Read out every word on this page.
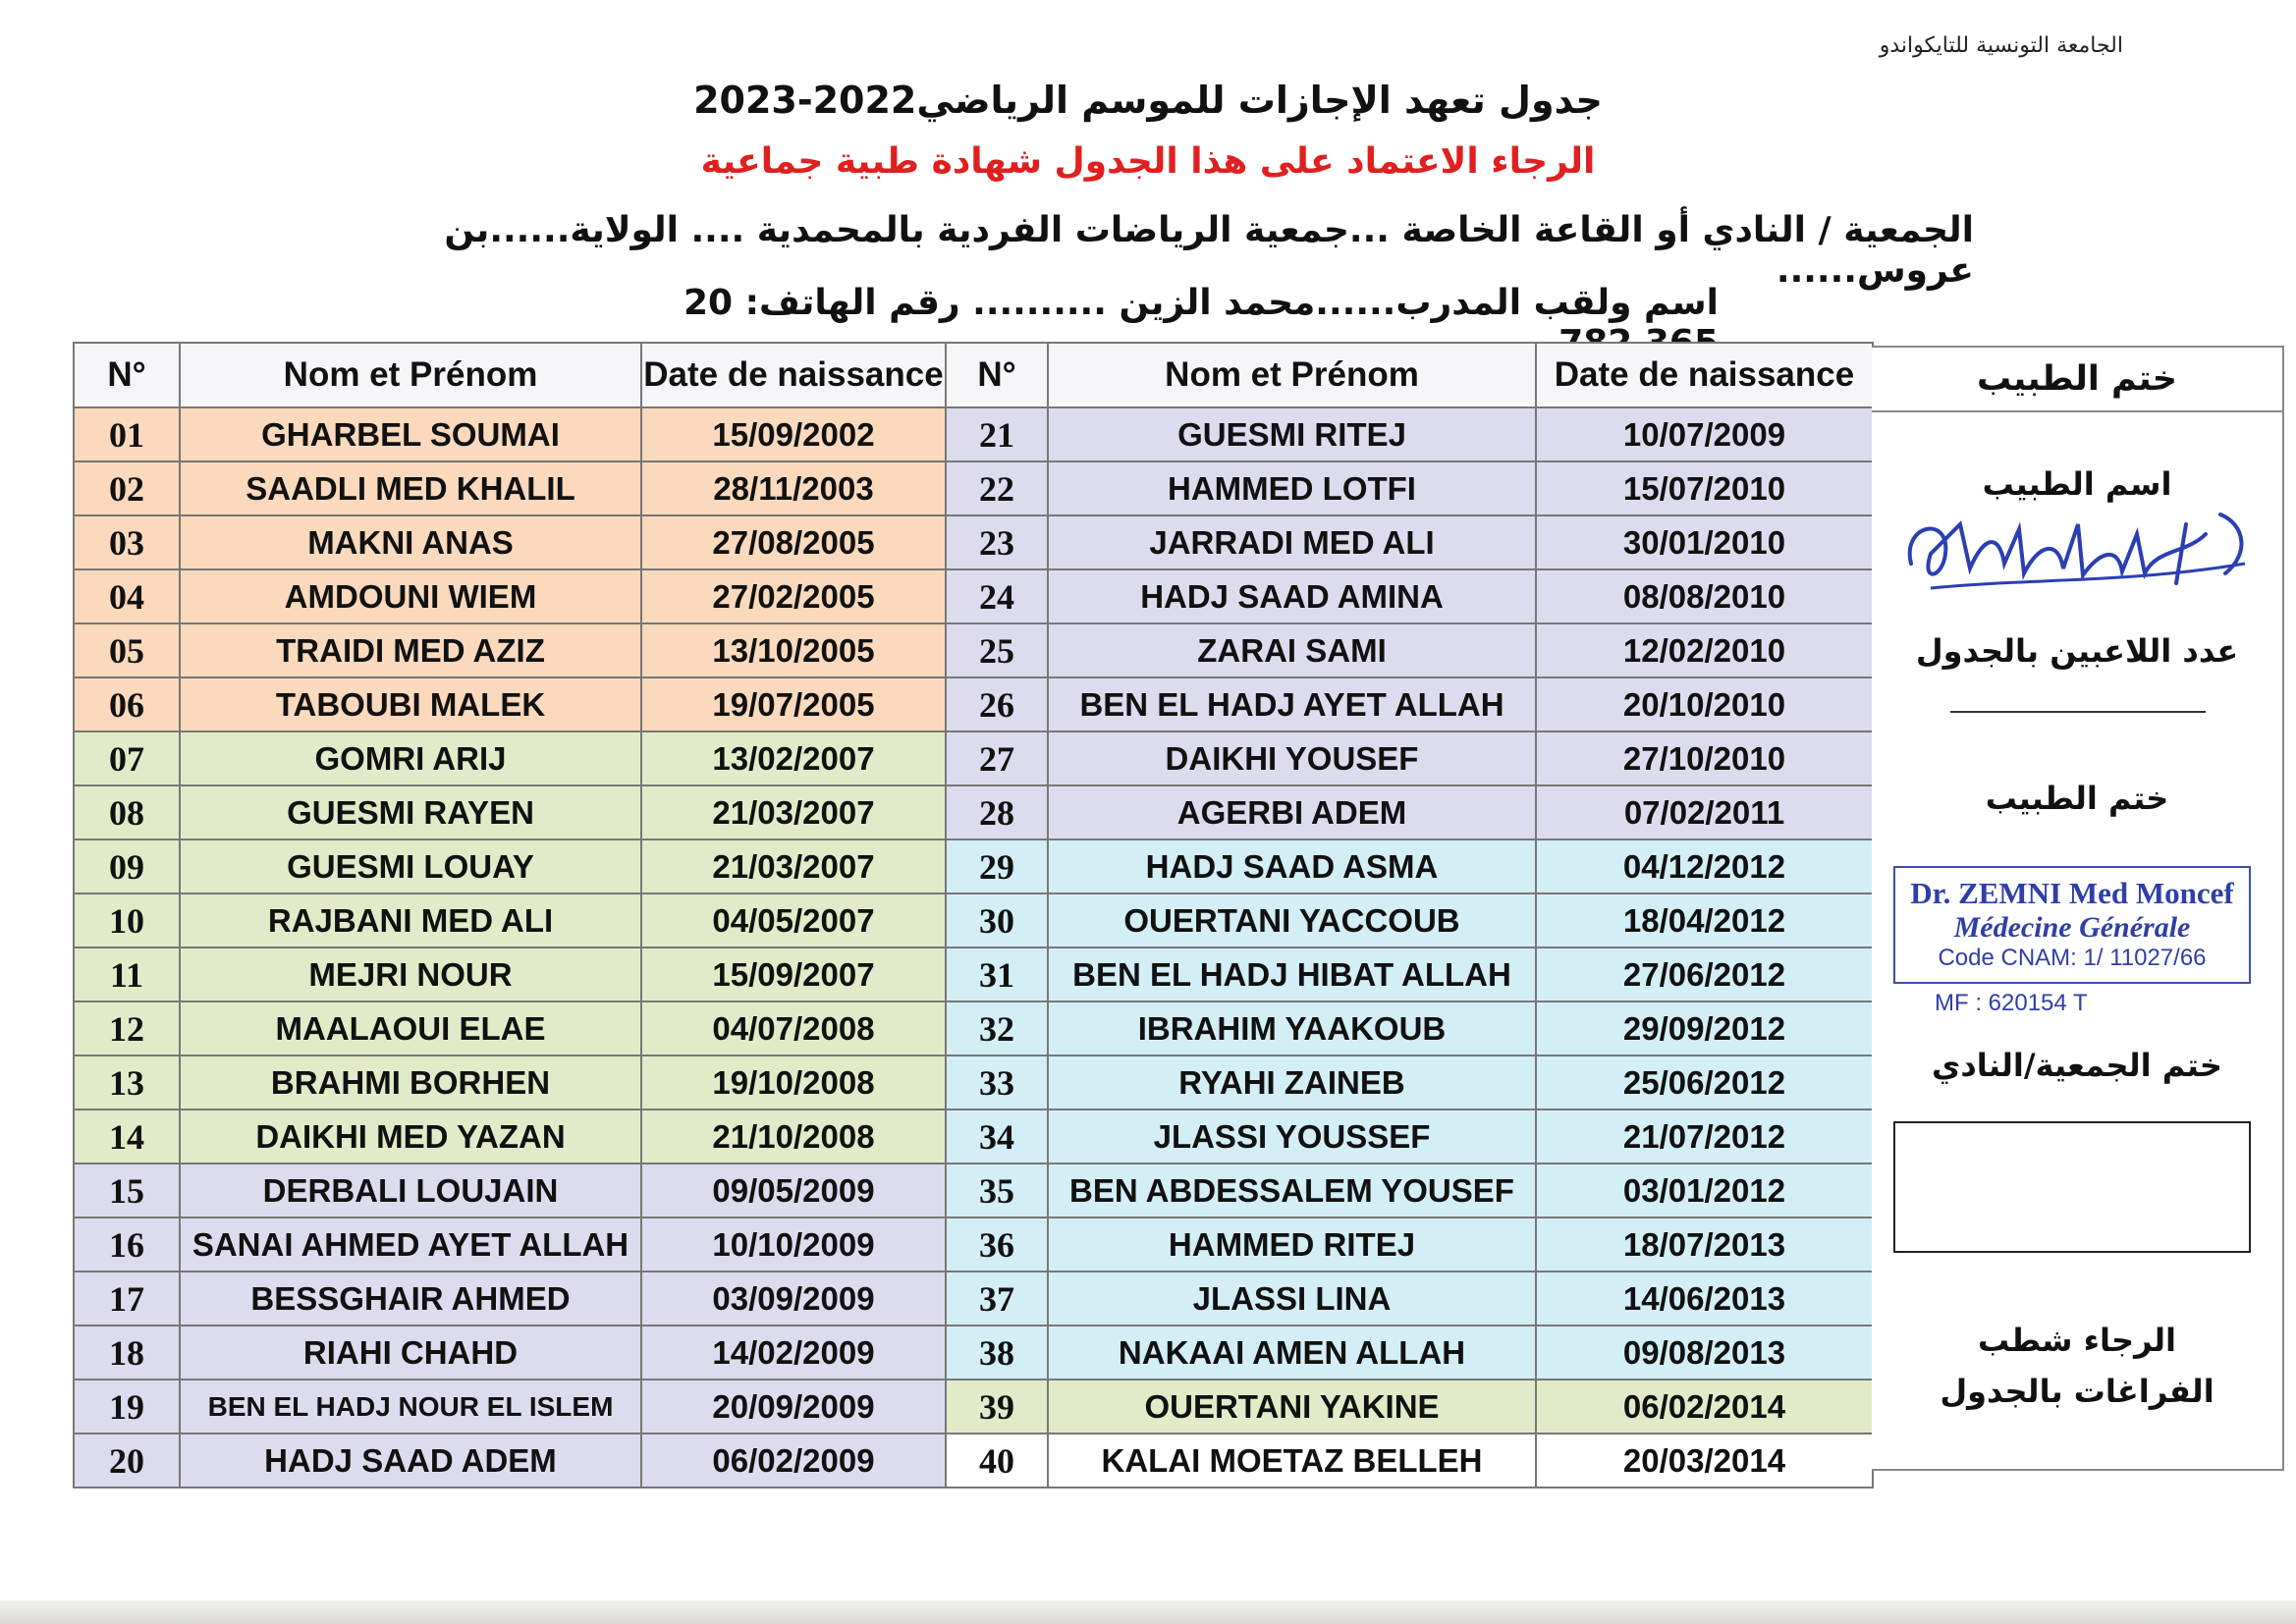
الجامعة التونسية للتايكواندو
جدول تعهد الإجازات للموسم الرياضي2022-2023
الرجاء الاعتماد على هذا الجدول شهادة طبية جماعية
الجمعية / النادي أو القاعة الخاصة ...جمعية الرياضات الفردية بالمحمدية .... الولاية......بن عروس......
اسم ولقب المدرب......محمد الزين .......... رقم الهاتف: 20
N°	Nom et Prénom	Date de naissance	N°	Nom et Prénom	Date de naissance
01	GHARBEL SOUMAI	15/09/2002	21	GUESMI RITEJ	10/07/2009
02	SAADLI MED KHALIL	28/11/2003	22	HAMMED LOTFI	15/07/2010
03	MAKNI ANAS	27/08/2005	23	JARRADI MED ALI	30/01/2010
04	AMDOUNI WIEM	27/02/2005	24	HADJ SAAD AMINA	08/08/2010
05	TRAIDI MED AZIZ	13/10/2005	25	ZARAI SAMI	12/02/2010
06	TABOUBI MALEK	19/07/2005	26	BEN EL HADJ AYET ALLAH	20/10/2010
07	GOMRI ARIJ	13/02/2007	27	DAIKHI YOUSEF	27/10/2010
08	GUESMI RAYEN	21/03/2007	28	AGERBI ADEM	07/02/2011
09	GUESMI LOUAY	21/03/2007	29	HADJ SAAD ASMA	04/12/2012
10	RAJBANI MED ALI	04/05/2007	30	OUERTANI YACCOUB	18/04/2012
11	MEJRI NOUR	15/09/2007	31	BEN EL HADJ HIBAT ALLAH	27/06/2012
12	MAALAOUI ELAE	04/07/2008	32	IBRAHIM YAAKOUB	29/09/2012
13	BRAHMI BORHEN	19/10/2008	33	RYAHI ZAINEB	25/06/2012
14	DAIKHI MED YAZAN	21/10/2008	34	JLASSI YOUSSEF	21/07/2012
15	DERBALI LOUJAIN	09/05/2009	35	BEN ABDESSALEM YOUSEF	03/01/2012
16	SANAI AHMED AYET ALLAH	10/10/2009	36	HAMMED RITEJ	18/07/2013
17	BESSGHAIR AHMED	03/09/2009	37	JLASSI LINA	14/06/2013
18	RIAHI CHAHD	14/02/2009	38	NAKAAI AMEN ALLAH	09/08/2013
19	BEN EL HADJ NOUR EL ISLEM	20/09/2009	39	OUERTANI YAKINE	06/02/2014
20	HADJ SAAD ADEM	06/02/2009	40	KALAI MOETAZ BELLEH	20/03/2014
ختم الطبيب
اسم الطبيب
عدد اللاعبين بالجدول
ختم الطبيب
Dr. ZEMNI Med Moncef
Médecine Générale
Code CNAM: 1/ 11027/66
MF : 620154 T
ختم الجمعية/النادي
الرجاء شطب الفراغات بالجدول
